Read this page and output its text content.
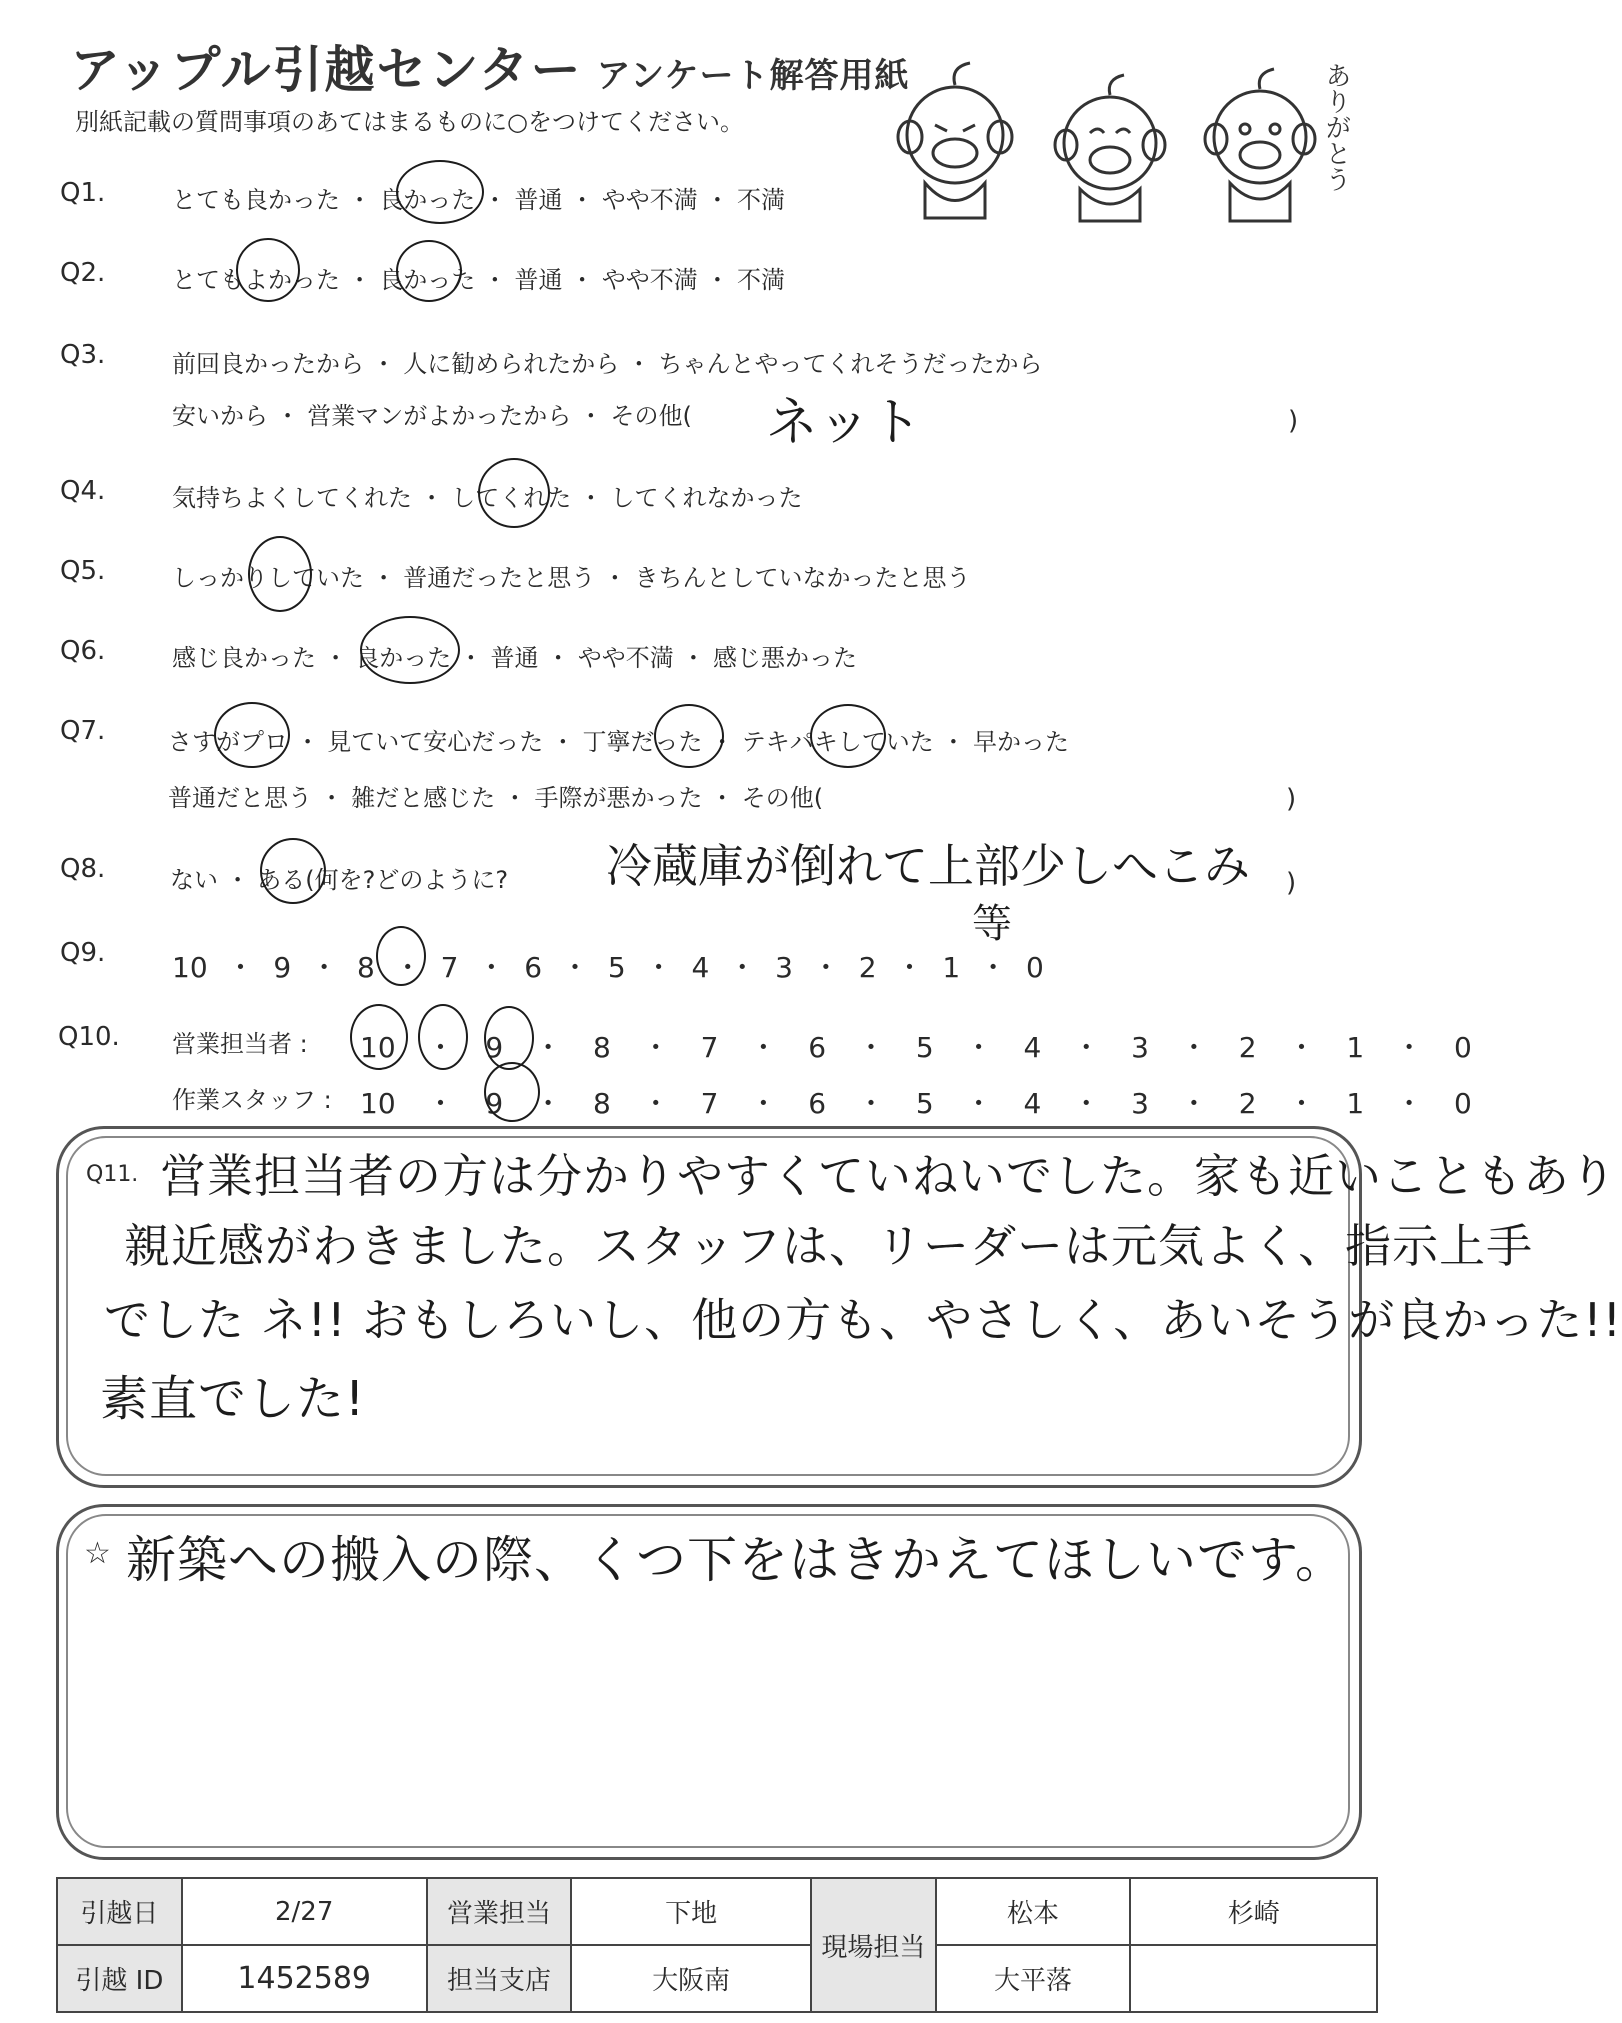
アップル引越センター アンケート解答用紙
別紙記載の質問事項のあてはまるものに○をつけてください。	ありがとう
Q1.	とても良かった ・ 良かった ・ 普通 ・ やや不満 ・ 不満
Q2.	とてもよかった ・ 良かった ・ 普通 ・ やや不満 ・ 不満
Q3.	前回良かったから ・ 人に勧められたから ・ ちゃんとやってくれそうだったから
安いから ・ 営業マンがよかったから ・ その他( ネット	)
Q4.	気持ちよくしてくれた ・ してくれた ・ してくれなかった
Q5.	しっかりしていた ・ 普通だったと思う ・ きちんとしていなかったと思う
Q6.	感じ良かった ・ 良かった ・ 普通 ・ やや不満 ・ 感じ悪かった
Q7.	さすがプロ ・ 見ていて安心だった ・ 丁寧だった ・ テキパキしていた ・ 早かった
普通だと思う ・ 雑だと感じた ・ 手際が悪かった ・ その他(	)
Q8.	ない ・ ある(何を?どのように? 冷蔵庫が倒れて上部少しへこみ
等
)
Q9. 10 ・ 9 ・ 8 ・ 7 ・ 6 ・ 5 ・ 4 ・ 3 ・ 2 ・ 1 ・ 0
Q10. 営業担当者 : 10 ・ 9 ・ 8 ・ 7 ・ 6 ・ 5 ・ 4 ・ 3 ・ 2 ・ 1 ・ 0
作業スタッフ : 10 ・ 9 ・ 8 ・ 7 ・ 6 ・ 5 ・ 4 ・ 3 ・ 2 ・ 1 ・ 0
Q11. 営業担当者の方は分かりやすくていねいでした。家も近いこともあり
親近感がわきました。スタッフは、リーダーは元気よく、指示上手
でした ネ!! おもしろいし、他の方も、やさしく、あいそうが良かった!!
素直でした!
☆ 新築への搬入の際、くつ下をはきかえてほしいです。
引越日	2/27	営業担当	下地	現場担当	松本	杉崎
引越 ID	1452589	担当支店	大阪南		大平落	
